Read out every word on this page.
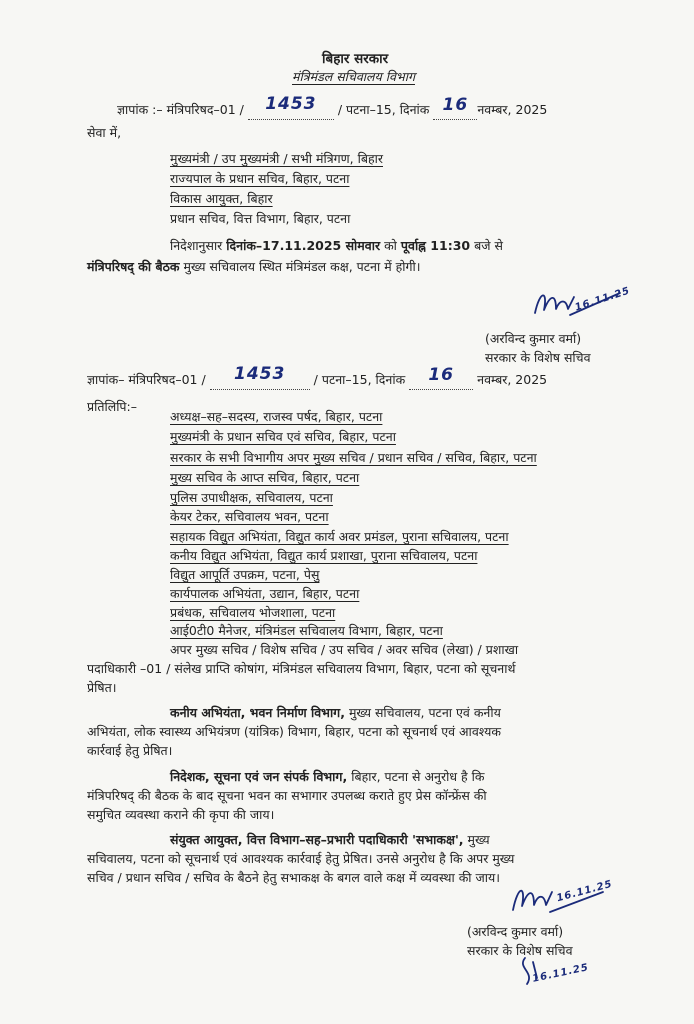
बिहार सरकार
मंत्रिमंडल सचिवालय विभाग
ज्ञापांक :– मंत्रिपरिषद–01 / 1453 / पटना–15, दिनांक 16 नवम्बर, 2025
सेवा में,
मुख्यमंत्री / उप मुख्यमंत्री / सभी मंत्रिगण, बिहार
राज्यपाल के प्रधान सचिव, बिहार, पटना
विकास आयुक्त, बिहार
प्रधान सचिव, वित्त विभाग, बिहार, पटना
निदेशानुसार दिनांक–17.11.2025 सोमवार को पूर्वाह्न 11:30 बजे से
मंत्रिपरिषद् की बैठक मुख्य सचिवालय स्थित मंत्रिमंडल कक्ष, पटना में होगी।
16.11.25
(अरविन्द कुमार वर्मा)
सरकार के विशेष सचिव
ज्ञापांक– मंत्रिपरिषद–01 / 1453 / पटना–15, दिनांक 16 नवम्बर, 2025
प्रतिलिपि:–
अध्यक्ष–सह–सदस्य, राजस्व पर्षद, बिहार, पटना
मुख्यमंत्री के प्रधान सचिव एवं सचिव, बिहार, पटना
सरकार के सभी विभागीय अपर मुख्य सचिव / प्रधान सचिव / सचिव, बिहार, पटना
मुख्य सचिव के आप्त सचिव, बिहार, पटना
पुलिस उपाधीक्षक, सचिवालय, पटना
केयर टेकर, सचिवालय भवन, पटना
सहायक विद्युत अभियंता, विद्युत कार्य अवर प्रमंडल, पुराना सचिवालय, पटना
कनीय विद्युत अभियंता, विद्युत कार्य प्रशाखा, पुराना सचिवालय, पटना
विद्युत आपूर्ति उपक्रम, पटना, पेसु
कार्यपालक अभियंता, उद्यान, बिहार, पटना
प्रबंधक, सचिवालय भोजशाला, पटना
आई0टी0 मैनेजर, मंत्रिमंडल सचिवालय विभाग, बिहार, पटना
अपर मुख्य सचिव / विशेष सचिव / उप सचिव / अवर सचिव (लेखा) / प्रशाखा
पदाधिकारी –01 / संलेख प्राप्ति कोषांग, मंत्रिमंडल सचिवालय विभाग, बिहार, पटना को सूचनार्थ
प्रेषित।
कनीय अभियंता, भवन निर्माण विभाग, मुख्य सचिवालय, पटना एवं कनीय
अभियंता, लोक स्वास्थ्य अभियंत्रण (यांत्रिक) विभाग, बिहार, पटना को सूचनार्थ एवं आवश्यक
कार्रवाई हेतु प्रेषित।
निदेशक, सूचना एवं जन संपर्क विभाग, बिहार, पटना से अनुरोध है कि
मंत्रिपरिषद् की बैठक के बाद सूचना भवन का सभागार उपलब्ध कराते हुए प्रेस कॉन्फ्रेंस की
समुचित व्यवस्था कराने की कृपा की जाय।
संयुक्त आयुक्त, वित्त विभाग–सह–प्रभारी पदाधिकारी 'सभाकक्ष', मुख्य
सचिवालय, पटना को सूचनार्थ एवं आवश्यक कार्रवाई हेतु प्रेषित। उनसे अनुरोध है कि अपर मुख्य
सचिव / प्रधान सचिव / सचिव के बैठने हेतु सभाकक्ष के बगल वाले कक्ष में व्यवस्था की जाय।
16.11.25
(अरविन्द कुमार वर्मा)
सरकार के विशेष सचिव
16.11.25
